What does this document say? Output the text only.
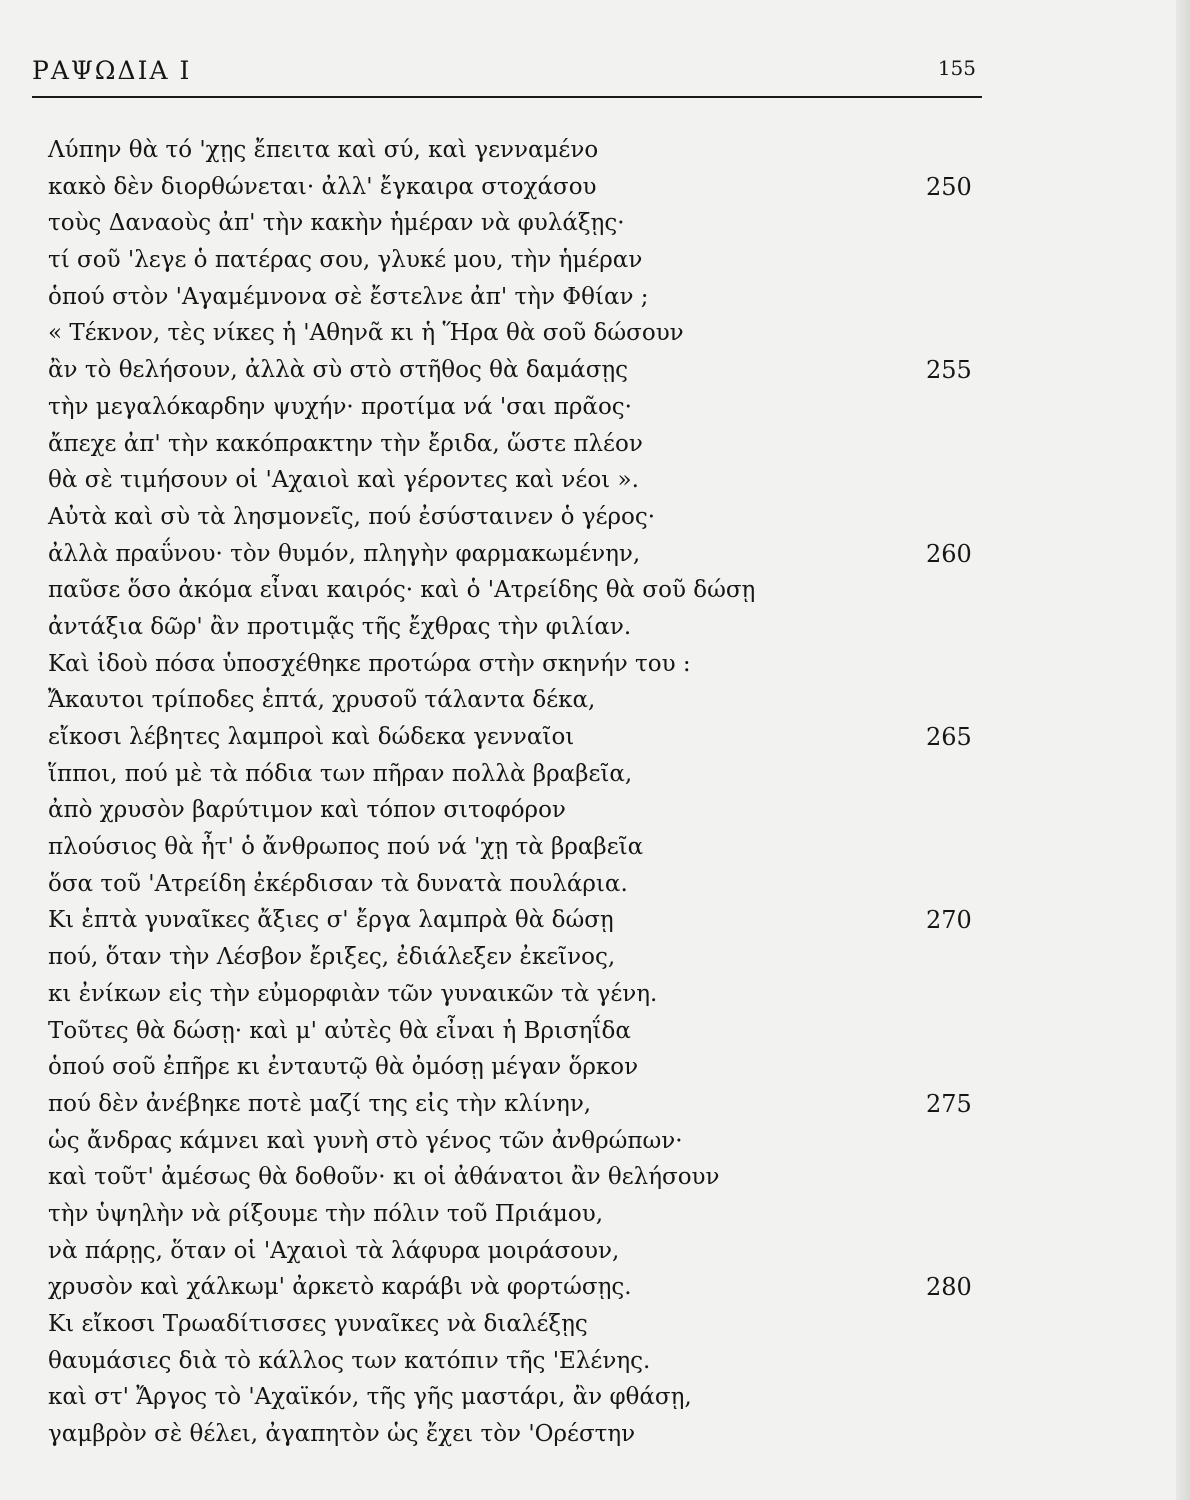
ΡΑΨΩΔΙΑ Ι	155
Λύπην θὰ τό 'χῃς ἔπειτα καὶ σύ, καὶ γενναμένο
κακὸ δὲν διορθώνεται· ἀλλ' ἔγκαιρα στοχάσου	250
τοὺς Δαναοὺς ἀπ' τὴν κακὴν ἡμέραν νὰ φυλάξῃς·
τί σοῦ 'λεγε ὁ πατέρας σου, γλυκέ μου, τὴν ἡμέραν
ὁπού στὸν 'Αγαμέμνονα σὲ ἔστελνε ἀπ' τὴν Φθίαν ;
« Τέκνον, τὲς νίκες ἡ 'Αθηνᾶ κι ἡ Ἥρα θὰ σοῦ δώσουν
ἂν τὸ θελήσουν, ἀλλὰ σὺ στὸ στῆθος θὰ δαμάσῃς	255
τὴν μεγαλόκαρδην ψυχήν· προτίμα νά 'σαι πρᾶος·
ἄπεχε ἀπ' τὴν κακόπρακτην τὴν ἔριδα, ὥστε πλέον
θὰ σὲ τιμήσουν οἱ 'Αχαιοὶ καὶ γέροντες καὶ νέοι ».
Αὐτὰ καὶ σὺ τὰ λησμονεῖς, πού ἐσύσταινεν ὁ γέρος·
ἀλλὰ πραΰνου· τὸν θυμόν, πληγὴν φαρμακωμένην,	260
παῦσε ὅσο ἀκόμα εἶναι καιρός· καὶ ὁ 'Ατρείδης θὰ σοῦ δώσῃ
ἀντάξια δῶρ' ἂν προτιμᾷς τῆς ἔχθρας τὴν φιλίαν.
Καὶ ἰδοὺ πόσα ὑποσχέθηκε προτώρα στὴν σκηνήν του :
Ἄκαυτοι τρίποδες ἑπτά, χρυσοῦ τάλαντα δέκα,
εἴκοσι λέβητες λαμπροὶ καὶ δώδεκα γενναῖοι	265
ἵπποι, πού μὲ τὰ πόδια των πῆραν πολλὰ βραβεῖα,
ἀπὸ χρυσὸν βαρύτιμον καὶ τόπον σιτοφόρον
πλούσιος θὰ ἦτ' ὁ ἄνθρωπος πού νά 'χῃ τὰ βραβεῖα
ὅσα τοῦ 'Ατρείδη ἐκέρδισαν τὰ δυνατὰ πουλάρια.
Κι ἑπτὰ γυναῖκες ἄξιες σ' ἔργα λαμπρὰ θὰ δώσῃ	270
πού, ὅταν τὴν Λέσβον ἔριξες, ἐδιάλεξεν ἐκεῖνος,
κι ἐνίκων εἰς τὴν εὐμορφιὰν τῶν γυναικῶν τὰ γένη.
Τοῦτες θὰ δώσῃ· καὶ μ' αὐτὲς θὰ εἶναι ἡ Βρισηΐδα
ὁπού σοῦ ἐπῆρε κι ἐνταυτῷ θὰ ὀμόσῃ μέγαν ὅρκον
πού δὲν ἀνέβηκε ποτὲ μαζί της εἰς τὴν κλίνην,	275
ὡς ἄνδρας κάμνει καὶ γυνὴ στὸ γένος τῶν ἀνθρώπων·
καὶ τοῦτ' ἀμέσως θὰ δοθοῦν· κι οἱ ἀθάνατοι ἂν θελήσουν
τὴν ὑψηλὴν νὰ ρίξουμε τὴν πόλιν τοῦ Πριάμου,
νὰ πάρῃς, ὅταν οἱ 'Αχαιοὶ τὰ λάφυρα μοιράσουν,
χρυσὸν καὶ χάλκωμ' ἀρκετὸ καράβι νὰ φορτώσῃς.	280
Κι εἴκοσι Τρωαδίτισσες γυναῖκες νὰ διαλέξῃς
θαυμάσιες διὰ τὸ κάλλος των κατόπιν τῆς 'Ελένης.
καὶ στ' Ἄργος τὸ 'Αχαϊκόν, τῆς γῆς μαστάρι, ἂν φθάσῃ,
γαμβρὸν σὲ θέλει, ἀγαπητὸν ὡς ἔχει τὸν 'Ορέστην
